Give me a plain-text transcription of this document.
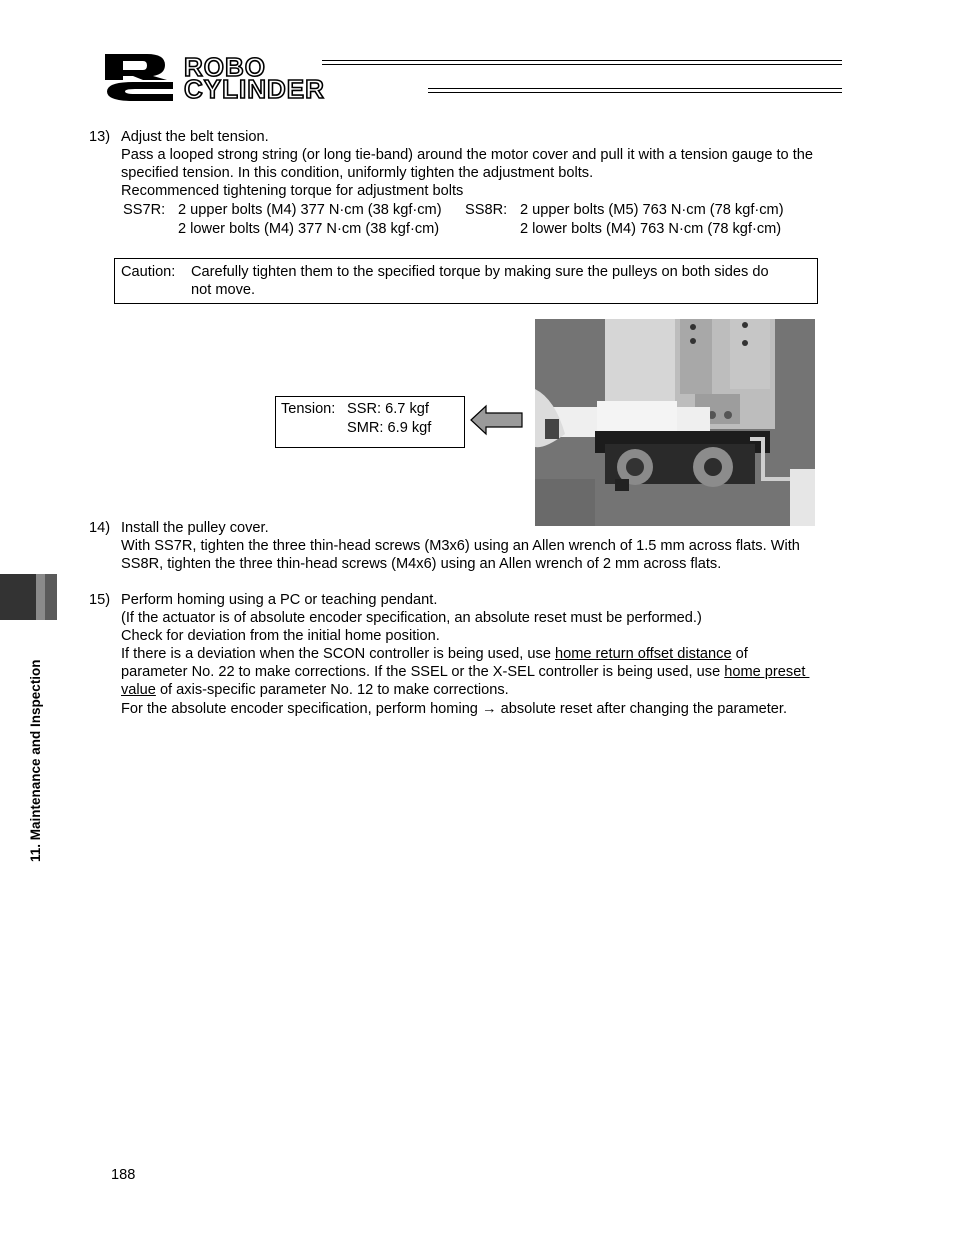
ROBO
CYLINDER
13) Adjust the belt tension.
Pass a looped strong string (or long tie-band) around the motor cover and pull it with a tension gauge to the
specified tension. In this condition, uniformly tighten the adjustment bolts.
Recommenced tightening torque for adjustment bolts
SS7R: 2 upper bolts (M4) 377 N·cm (38 kgf·cm)
2 lower bolts (M4) 377 N·cm (38 kgf·cm)
SS8R: 2 upper bolts (M5) 763 N·cm (78 kgf·cm)
2 lower bolts (M4) 763 N·cm (78 kgf·cm)
Caution: Carefully tighten them to the specified torque by making sure the pulleys on both sides do
not move.
Tension: SSR: 6.7 kgf
SMR: 6.9 kgf
14) Install the pulley cover.
With SS7R, tighten the three thin-head screws (M3x6) using an Allen wrench of 1.5 mm across flats. With
SS8R, tighten the three thin-head screws (M4x6) using an Allen wrench of 2 mm across flats.
15) Perform homing using a PC or teaching pendant.
(If the actuator is of absolute encoder specification, an absolute reset must be performed.)
Check for deviation from the initial home position.
If there is a deviation when the SCON controller is being used, use home return offset distance of
parameter No. 22 to make corrections. If the SSEL or the X-SEL controller is being used, use home preset
value of axis-specific parameter No. 12 to make corrections.
For the absolute encoder specification, perform homing → absolute reset after changing the parameter.
11. Maintenance and Inspection
188
